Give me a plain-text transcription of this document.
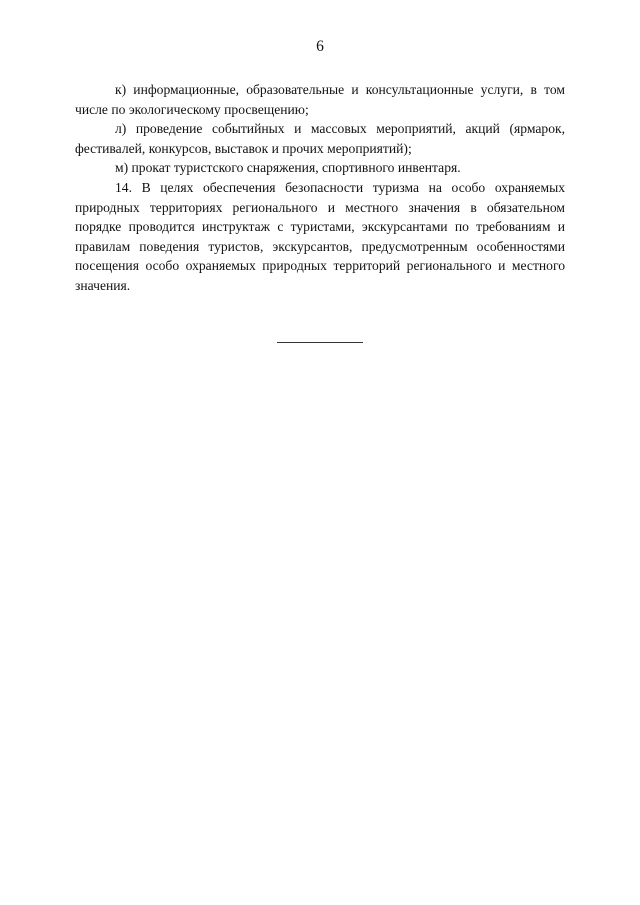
6

к) информационные, образовательные и консультационные услуги, в том числе по экологическому просвещению;

л) проведение событийных и массовых мероприятий, акций (ярмарок, фестивалей, конкурсов, выставок и прочих мероприятий);

м) прокат туристского снаряжения, спортивного инвентаря.

14. В целях обеспечения безопасности туризма на особо охраняемых природных территориях регионального и местного значения в обязательном порядке проводится инструктаж с туристами, экскурсантами по требованиям и правилам поведения туристов, экскурсантов, предусмотренным особенностями посещения особо охраняемых природных территорий регионального и местного значения.
